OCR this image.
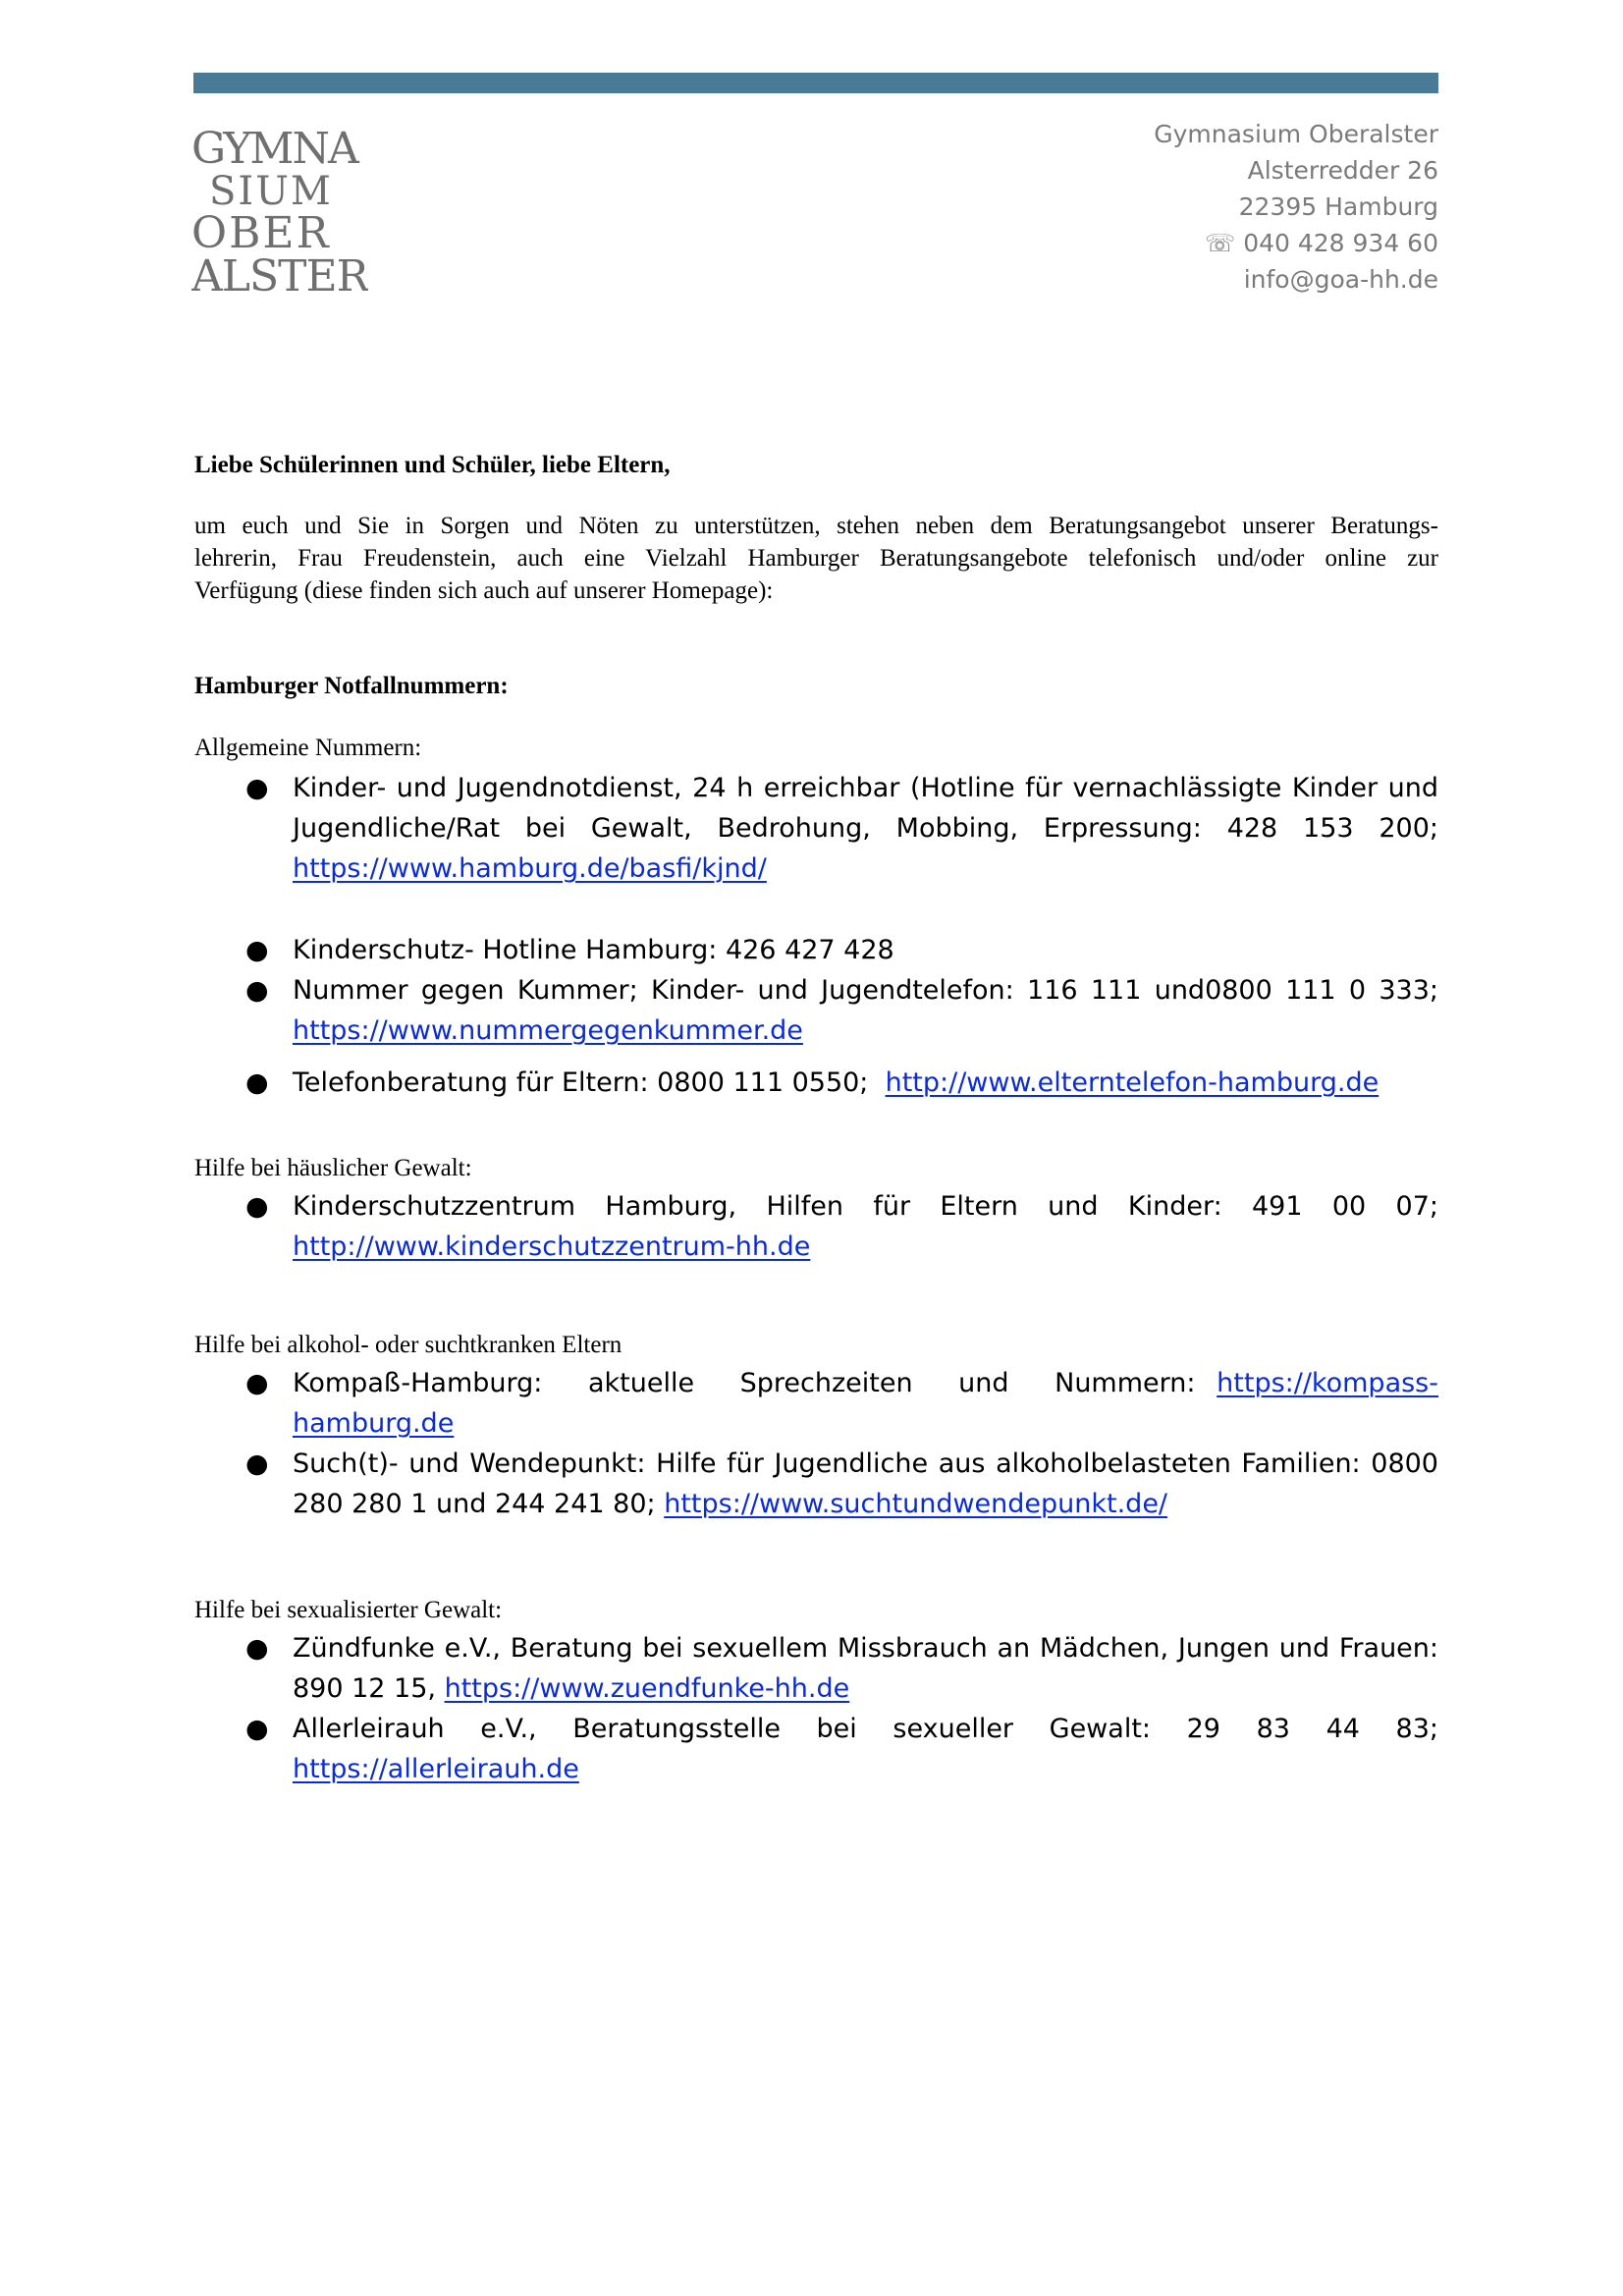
GYMNA
SIUM
OBER
ALSTER
Gymnasium Oberalster
Alsterredder 26
22395 Hamburg
☏ 040 428 934 60
info@goa-hh.de
Liebe Schülerinnen und Schüler, liebe Eltern,
um euch und Sie in Sorgen und Nöten zu unterstützen, stehen neben dem Beratungsangebot unserer Beratungs-
lehrerin, Frau Freudenstein, auch eine Vielzahl Hamburger Beratungsangebote telefonisch und/oder online zur
Verfügung (diese finden sich auch auf unserer Homepage):
Hamburger Notfallnummern:
Allgemeine Nummern:
● Kinder- und Jugendnotdienst, 24 h erreichbar (Hotline für vernachlässigte Kinder und
Jugendliche/Rat bei Gewalt, Bedrohung, Mobbing, Erpressung: 428 153 200;
https://www.hamburg.de/basfi/kjnd/
● Kinderschutz- Hotline Hamburg: 426 427 428
● Nummer gegen Kummer; Kinder- und Jugendtelefon: 116 111 und0800 111 0 333;
https://www.nummergegenkummer.de
● Telefonberatung für Eltern: 0800 111 0550; http://www.elterntelefon-hamburg.de
Hilfe bei häuslicher Gewalt:
● Kinderschutzzentrum Hamburg, Hilfen für Eltern und Kinder: 491 00 07;
http://www.kinderschutzzentrum-hh.de
Hilfe bei alkohol- oder suchtkranken Eltern
● Kompaß-Hamburg: aktuelle Sprechzeiten und Nummern: https://kompass-
hamburg.de
● Such(t)- und Wendepunkt: Hilfe für Jugendliche aus alkoholbelasteten Familien: 0800
280 280 1 und 244 241 80; https://www.suchtundwendepunkt.de/
Hilfe bei sexualisierter Gewalt:
● Zündfunke e.V., Beratung bei sexuellem Missbrauch an Mädchen, Jungen und Frauen:
890 12 15, https://www.zuendfunke-hh.de
● Allerleirauh e.V., Beratungsstelle bei sexueller Gewalt: 29 83 44 83;
https://allerleirauh.de
